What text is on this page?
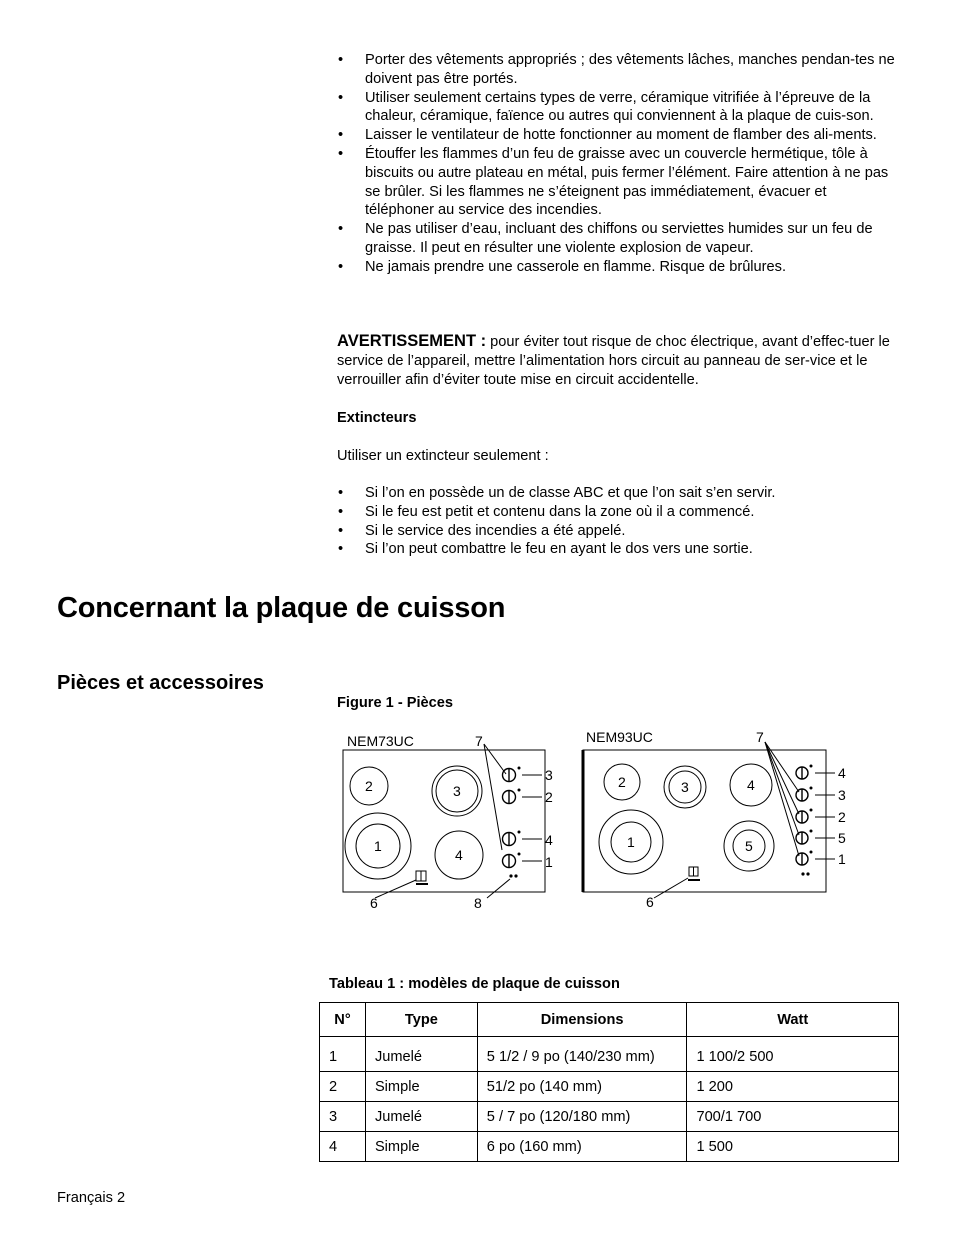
• Porter des vêtements appropriés ; des vêtements lâches, manches pendan-tes ne doivent pas être portés.
• Utiliser seulement certains types de verre, céramique vitrifiée à l’épreuve de la chaleur, céramique, faïence ou autres qui conviennent à la plaque de cuis-son.
• Laisser le ventilateur de hotte fonctionner au moment de flamber des ali-ments.
• Étouffer les flammes d’un feu de graisse avec un couvercle hermétique, tôle à biscuits ou autre plateau en métal, puis fermer l’élément. Faire attention à ne pas se brûler. Si les flammes ne s’éteignent pas immédiatement, évacuer et téléphoner au service des incendies.
• Ne pas utiliser d’eau, incluant des chiffons ou serviettes humides sur un feu de graisse. Il peut en résulter une violente explosion de vapeur.
• Ne jamais prendre une casserole en flamme. Risque de brûlures.

AVERTISSEMENT : pour éviter tout risque de choc électrique, avant d’effec-tuer le service de l’appareil, mettre l’alimentation hors circuit au panneau de ser-vice et le verrouiller afin d’éviter toute mise en circuit accidentelle.

Extincteurs
Utiliser un extincteur seulement :
• Si l’on en possède un de classe ABC et que l’on sait s’en servir.
• Si le feu est petit et contenu dans la zone où il a commencé.
• Si le service des incendies a été appelé.
• Si l’on peut combattre le feu en ayant le dos vers une sortie.
Concernant la plaque de cuisson
Pièces et accessoires
Figure 1 - Pièces
NEM73UC	7
2	3
1
4
3
2
4
1
6	8
NEM93UC	7
2	3	4
1	5
4
3
2
5
1
6
Tableau 1 : modèles de plaque de cuisson
N°	Type	Dimensions	Watt
1	Jumelé	5 1/2 / 9 po (140/230 mm)	1 100/2 500
2	Simple	51/2 po (140 mm)	1 200
3	Jumelé	5 / 7 po (120/180 mm)	700/1 700
4	Simple	6 po (160 mm)	1 500
Français 2
